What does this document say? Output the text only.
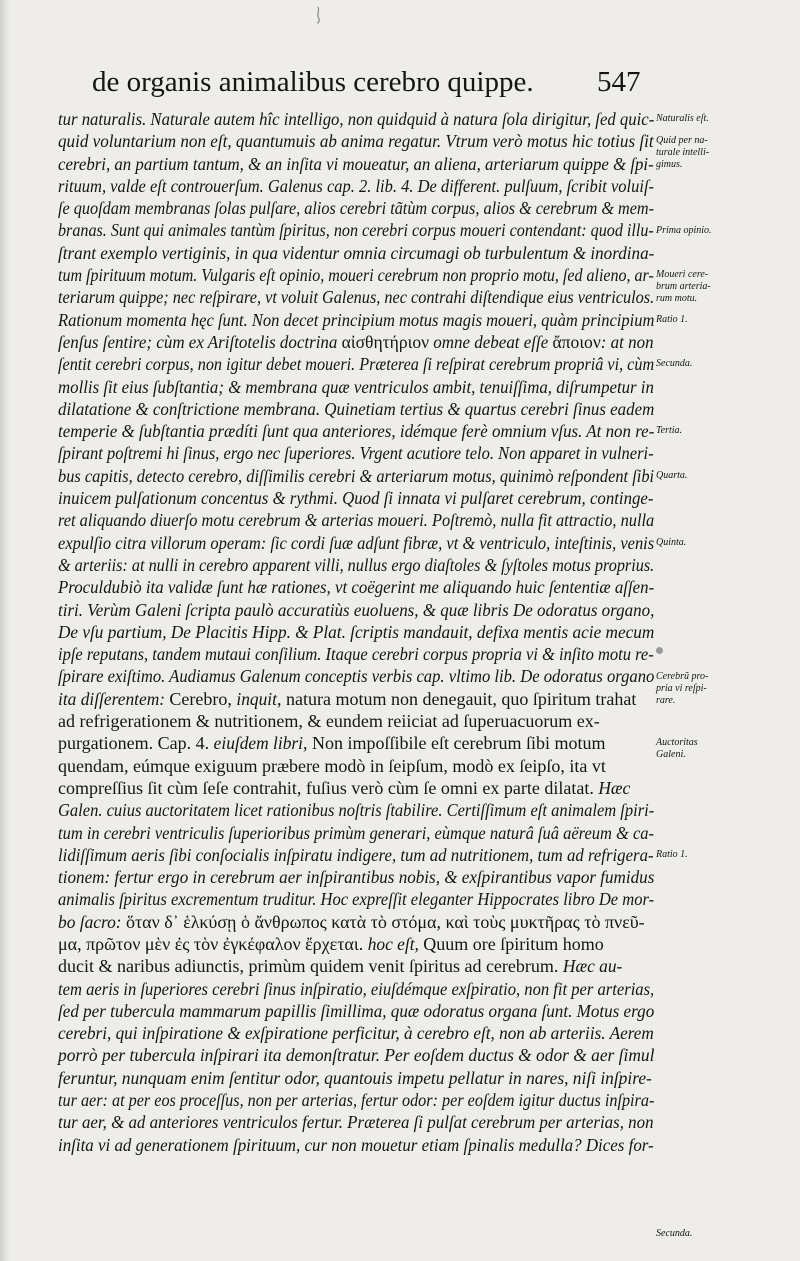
de organis animalibus cerebro quippe. 547
tur naturalis. Naturale autem hîc intelligo, non quidquid à natura ſola dirigitur, ſed quic-
quid voluntarium non eſt, quantumuis ab anima regatur. Vtrum verò motus hic totius ſit
cerebri, an partium tantum, & an inſita vi moueatur, an aliena, arteriarum quippe & ſpi-
rituum, valde eſt controuerſum. Galenus cap. 2. lib. 4. De different. pulſuum, ſcribit voluiſ-
ſe quoſdam membranas ſolas pulſare, alios cerebri tãtùm corpus, alios & cerebrum & mem-
branas. Sunt qui animales tantùm ſpiritus, non cerebri corpus moueri contendant: quod illu-
ſtrant exemplo vertiginis, in qua videntur omnia circumagi ob turbulentum & inordina-
tum ſpirituum motum. Vulgaris eſt opinio, moueri cerebrum non proprio motu, ſed alieno, ar-
teriarum quippe; nec reſpirare, vt voluit Galenus, nec contrahi diſtendique eius ventriculos.
Rationum momenta hęc ſunt. Non decet principium motus magis moueri, quàm principium
ſenſus ſentire; cùm ex Ariſtotelis doctrina αἰσθητήριον omne debeat eſſe ἄποιον: at non
ſentit cerebri corpus, non igitur debet moueri. Præterea ſi reſpirat cerebrum propriâ vi, cùm
mollis ſit eius ſubſtantia; & membrana quæ ventriculos ambit, tenuiſſima, diſrumpetur in
dilatatione & conſtrictione membrana. Quinetiam tertius & quartus cerebri ſinus eadem
temperie & ſubſtantia prædíti ſunt qua anteriores, idémque ferè omnium vſus. At non re-
ſpirant poſtremi hi ſinus, ergo nec ſuperiores. Vrgent acutiore telo. Non apparet in vulneri-
bus capitis, detecto cerebro, diſſimilis cerebri & arteriarum motus, quinimò reſpondent ſibi
inuicem pulſationum concentus & rythmi. Quod ſi innata vi pulſaret cerebrum, continge-
ret aliquando diuerſo motu cerebrum & arterias moueri. Poſtremò, nulla fit attractio, nulla
expulſio citra villorum operam: ſic cordi ſuæ adſunt fibræ, vt & ventriculo, inteſtinis, venis
& arteriis: at nulli in cerebro apparent villi, nullus ergo diaſtoles & ſyſtoles motus proprius.
Proculdubiò ita validæ ſunt hæ rationes, vt coëgerint me aliquando huic ſententiæ aſſen-
tiri. Verùm Galeni ſcripta paulò accuratiùs euoluens, & quæ libris De odoratus organo,
De vſu partium, De Placitis Hipp. & Plat. ſcriptis mandauit, defixa mentis acie mecum
ipſe reputans, tandem mutaui conſilium. Itaque cerebri corpus propria vi & inſito motu re-
ſpirare exiſtimo. Audiamus Galenum conceptis verbis cap. vltimo lib. De odoratus organo
ita diſſerentem: Cerebro, inquit, natura motum non denegauit, quo ſpiritum trahat
ad refrigerationem & nutritionem, & eundem reiiciat ad ſuperuacuorum ex-
purgationem. Cap. 4. eiuſdem libri, Non impoſſibile eſt cerebrum ſibi motum
quendam, eúmque exiguum præbere modò in ſeipſum, modò ex ſeipſo, ita vt
compreſſius ſit cùm ſeſe contrahit, fuſius verò cùm ſe omni ex parte dilatat. Hæc
Galen. cuius auctoritatem licet rationibus noſtris ſtabilire. Certiſſimum eſt animalem ſpiri-
tum in cerebri ventriculis ſuperioribus primùm generari, eùmque naturâ ſuâ aëreum & ca-
lidiſſimum aeris ſibi conſocialis inſpiratu indigere, tum ad nutritionem, tum ad refrigera-
tionem: fertur ergo in cerebrum aer inſpirantibus nobis, & exſpirantibus vapor fumidus
animalis ſpiritus excrementum truditur. Hoc expreſſit eleganter Hippocrates libro De mor-
bo ſacro: ὅταν δ᾽ ἑλκύσῃ ὁ ἄνθρωπος κατὰ τὸ στόμα, καὶ τοὺς μυκτῆρας τὸ πνεῦ-
μα, πρῶτον μὲν ἐς τὸν ἐγκέφαλον ἔρχεται. hoc eſt, Quum ore ſpiritum homo
ducit & naribus adiunctis, primùm quidem venit ſpiritus ad cerebrum. Hæc au-
tem aeris in ſuperiores cerebri ſinus inſpiratio, eiuſdémque exſpiratio, non fit per arterias,
ſed per tubercula mammarum papillis ſimillima, quæ odoratus organa ſunt. Motus ergo
cerebri, qui inſpiratione & exſpiratione perficitur, à cerebro eſt, non ab arteriis. Aerem
porrò per tubercula inſpirari ita demonſtratur. Per eoſdem ductus & odor & aer ſimul
feruntur, nunquam enim ſentitur odor, quantouis impetu pellatur in nares, niſi inſpire-
tur aer: at per eos proceſſus, non per arterias, fertur odor: per eoſdem igitur ductus inſpira-
tur aer, & ad anteriores ventriculos fertur. Præterea ſi pulſat cerebrum per arterias, non
inſita vi ad generationem ſpirituum, cur non mouetur etiam ſpinalis medulla? Dices for-
Naturalis eſt.
Quid per na-
turale intelli-
gimus.
Prima opinio.
Moueri cere-
brum arteria-
rum motu.
Ratio 1.
Secunda.
Tertia.
Quarta.
Quinta.
Cerebrũ pro-
pria vi reſpi-
rare.
Auctoritas
Galeni.
Ratio 1.
Secunda.
